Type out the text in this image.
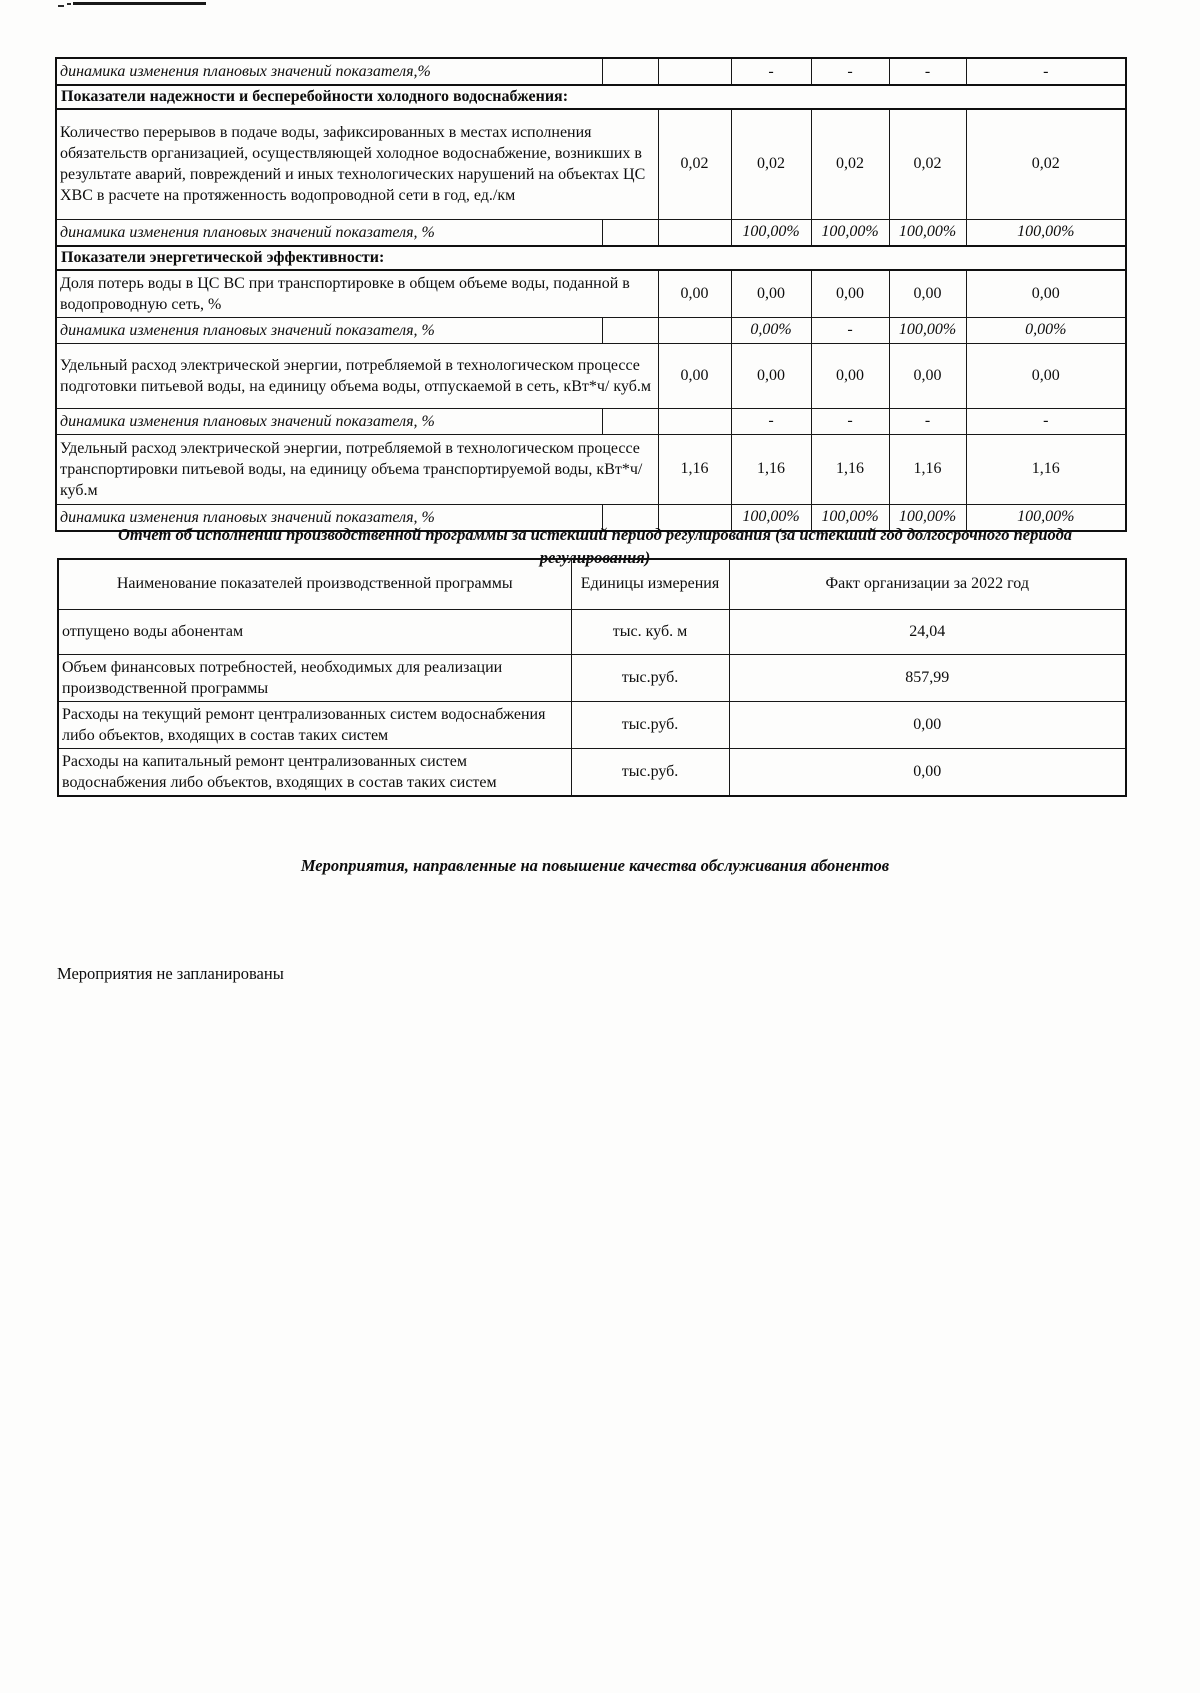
динамика изменения плановых значений показателя,%			-	-	-	-
Показатели надежности и бесперебойности холодного водоснабжения:						
Количество перерывов в подаче воды, зафиксированных в местах исполнения обязательств организацией, осуществляющей холодное водоснабжение, возникших в результате аварий, повреждений и иных технологических нарушений на объектах ЦС ХВС в расчете на протяженность водопроводной сети в год, ед./км		0,02	0,02	0,02	0,02	0,02
динамика изменения плановых значений показателя, %			100,00%	100,00%	100,00%	100,00%
Показатели энергетической эффективности:						
Доля потерь воды в ЦС ВС при транспортировке в общем объеме воды, поданной в водопроводную сеть, %		0,00	0,00	0,00	0,00	0,00
динамика изменения плановых значений показателя, %			0,00%	-	100,00%	0,00%
Удельный расход электрической энергии, потребляемой в технологическом процессе подготовки питьевой воды, на единицу объема воды, отпускаемой в сеть, кВт*ч/ куб.м		0,00	0,00	0,00	0,00	0,00
динамика изменения плановых значений показателя, %			-	-	-	-
Удельный расход электрической энергии, потребляемой в технологическом процессе транспортировки питьевой воды, на единицу объема транспортируемой воды, кВт*ч/ куб.м		1,16	1,16	1,16	1,16	1,16
динамика изменения плановых значений показателя, %			100,00%	100,00%	100,00%	100,00%
Отчет об исполнении производственной программы за истекший период регулирования (за истекший год долгосрочного периода регулирования)
Наименование показателей производственной программы	Единицы измерения	Факт организации за 2022 год
отпущено воды абонентам	тыс. куб. м	24,04
Объем финансовых потребностей, необходимых для реализации производственной программы	тыс.руб.	857,99
Расходы на текущий ремонт централизованных систем водоснабжения либо объектов, входящих в состав таких систем	тыс.руб.	0,00
Расходы на капитальный ремонт централизованных систем водоснабжения либо объектов, входящих в состав таких систем	тыс.руб.	0,00
Мероприятия, направленные на повышение качества обслуживания абонентов
Мероприятия не запланированы
